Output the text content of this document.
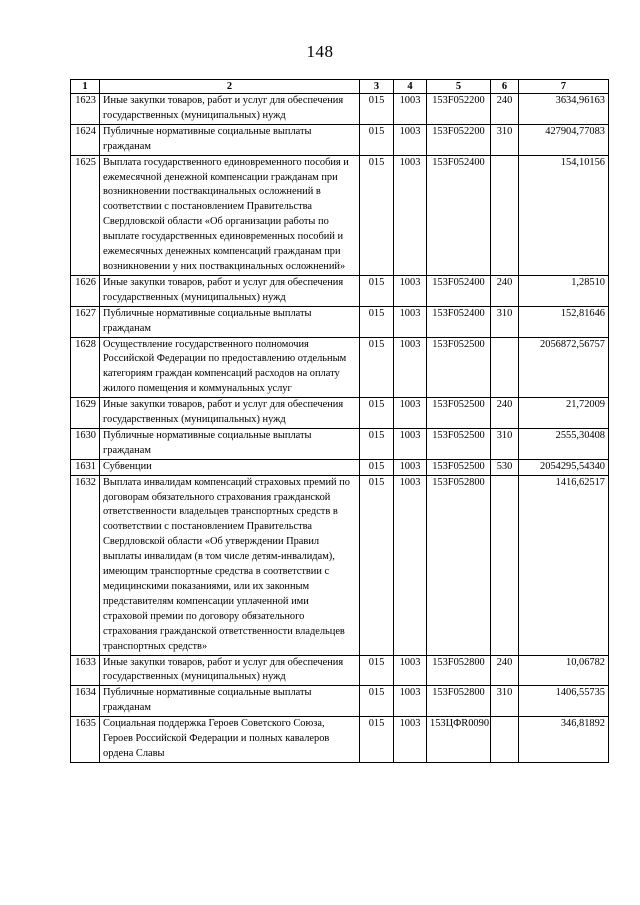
148
1	2	3	4	5	6	7
1623	Иные закупки товаров, работ и услуг для обеспечения государственных (муниципальных) нужд	015	1003	153F052200	240	3634,96163
1624	Публичные нормативные социальные выплаты гражданам	015	1003	153F052200	310	427904,77083
1625	Выплата государственного единовременного пособия и ежемесячной денежной компенсации гражданам при возникновении поствакцинальных осложнений в соответствии с постановлением Правительства Свердловской области «Об организации работы по выплате государственных единовременных пособий и ежемесячных денежных компенсаций гражданам при возникновении у них поствакцинальных осложнений»	015	1003	153F052400		154,10156
1626	Иные закупки товаров, работ и услуг для обеспечения государственных (муниципальных) нужд	015	1003	153F052400	240	1,28510
1627	Публичные нормативные социальные выплаты гражданам	015	1003	153F052400	310	152,81646
1628	Осуществление государственного полномочия Российской Федерации по предоставлению отдельным категориям граждан компенсаций расходов на оплату жилого помещения и коммунальных услуг	015	1003	153F052500		2056872,56757
1629	Иные закупки товаров, работ и услуг для обеспечения государственных (муниципальных) нужд	015	1003	153F052500	240	21,72009
1630	Публичные нормативные социальные выплаты гражданам	015	1003	153F052500	310	2555,30408
1631	Субвенции	015	1003	153F052500	530	2054295,54340
1632	Выплата инвалидам компенсаций страховых премий по договорам обязательного страхования гражданской ответственности владельцев транспортных средств в соответствии с постановлением Правительства Свердловской области «Об утверждении Правил выплаты инвалидам (в том числе детям-инвалидам), имеющим транспортные средства в соответствии с медицинскими показаниями, или их законным представителям компенсации уплаченной ими страховой премии по договору обязательного страхования гражданской ответственности владельцев транспортных средств»	015	1003	153F052800		1416,62517
1633	Иные закупки товаров, работ и услуг для обеспечения государственных (муниципальных) нужд	015	1003	153F052800	240	10,06782
1634	Публичные нормативные социальные выплаты гражданам	015	1003	153F052800	310	1406,55735
1635	Социальная поддержка Героев Советского Союза, Героев Российской Федерации и полных кавалеров ордена Славы	015	1003	153ЦФR0090		346,81892
